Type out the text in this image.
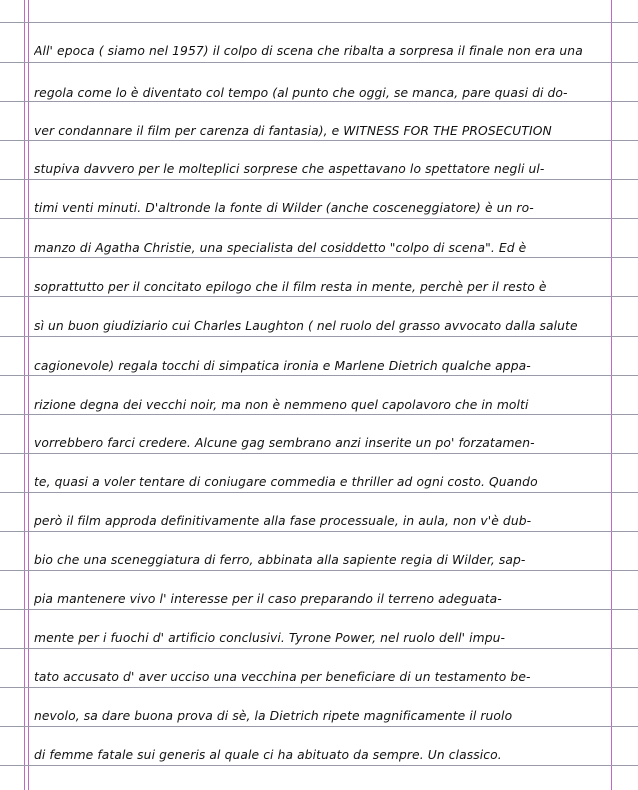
All' epoca ( siamo nel 1957) il colpo di scena che ribalta a sorpresa il finale non era una
regola come lo è diventato col tempo (al punto che oggi, se manca, pare quasi di do-
ver condannare il film per carenza di fantasia), e WITNESS FOR THE PROSECUTION
stupiva davvero per le molteplici sorprese che aspettavano lo spettatore negli ul-
timi venti minuti. D'altronde la fonte di Wilder (anche cosceneggiatore) è un ro-
manzo di Agatha Christie, una specialista del cosiddetto "colpo di scena". Ed è
soprattutto per il concitato epilogo che il film resta in mente, perchè per il resto è
sì un buon giudiziario cui Charles Laughton ( nel ruolo del grasso avvocato dalla salute
cagionevole) regala tocchi di simpatica ironia e Marlene Dietrich qualche appa-
rizione degna dei vecchi noir, ma non è nemmeno quel capolavoro che in molti
vorrebbero farci credere. Alcune gag sembrano anzi inserite un po' forzatamen-
te, quasi a voler tentare di coniugare commedia e thriller ad ogni costo. Quando
però il film approda definitivamente alla fase processuale, in aula, non v'è dub-
bio che una sceneggiatura di ferro, abbinata alla sapiente regia di Wilder, sap-
pia mantenere vivo l' interesse per il caso preparando il terreno adeguata-
mente per i fuochi d' artificio conclusivi. Tyrone Power, nel ruolo dell' impu-
tato accusato d' aver ucciso una vecchina per beneficiare di un testamento be-
nevolo, sa dare buona prova di sè, la Dietrich ripete magnificamente il ruolo
di femme fatale sui generis al quale ci ha abituato da sempre. Un classico.
